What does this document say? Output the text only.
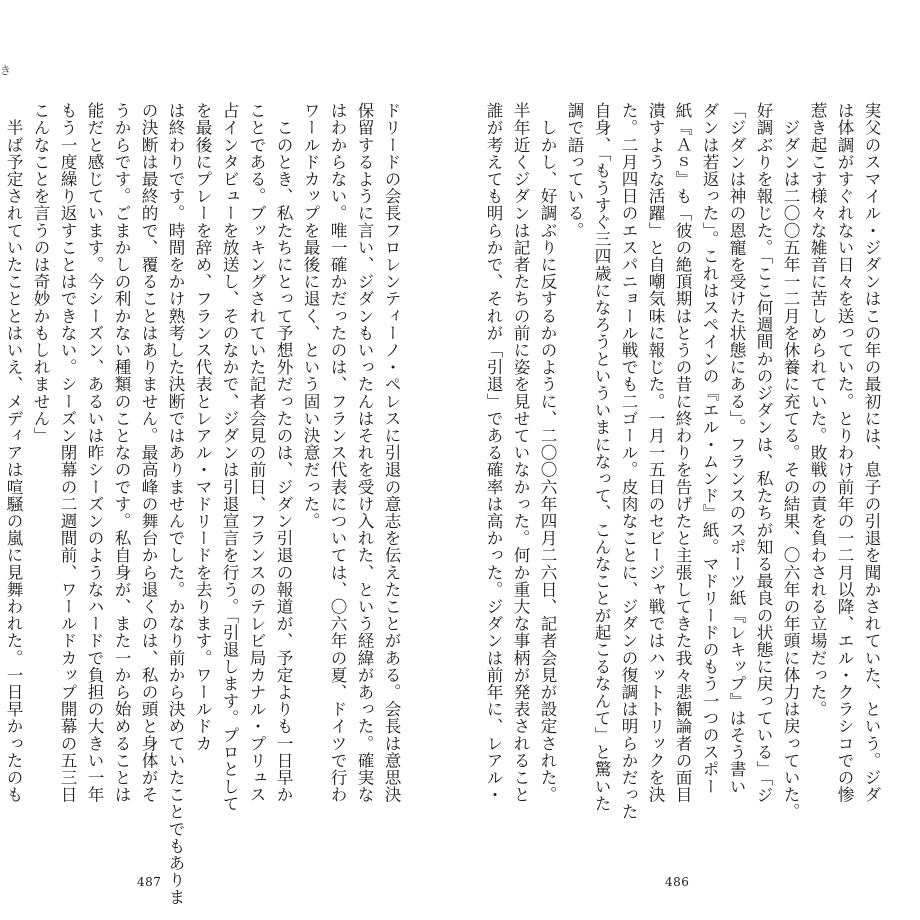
き

ドリードの会長フロレンティーノ・ペレスに引退の意志を伝えたことがある。会長は意思決

保留するように言い、ジダンもいったんはそれを受け入れた、という経緯があった。確実な

はわからない。唯一確かだったのは、フランス代表については、〇六年の夏、ドイツで行わ

ワールドカップを最後に退く、という固い決意だった。

　このとき、私たちにとって予想外だったのは、ジダン引退の報道が、予定よりも一日早か

ことである。ブッキングされていた記者会見の前日、フランスのテレビ局カナル・プリュス

占インタビューを放送し、そのなかで、ジダンは引退宣言を行う。「引退します。プロとして

を最後にプレーを辞め、フランス代表とレアル・マドリードを去ります。ワールドカ

は終わりです。時間をかけ熟考した決断ではありませんでした。かなり前から決めていたことでもありま

の決断は最終的で、覆ることはありません。最高峰の舞台から退くのは、私の頭と身体がそ

うからです。ごまかしの利かない種類のことなのです。私自身が、また一から始めることは

能だと感じています。今シーズン、あるいは昨シーズンのようなハードで負担の大きい一年

もう一度繰り返すことはできない。シーズン閉幕の二週間前、ワールドカップ開幕の五三日

こんなことを言うのは奇妙かもしれません」

　半ば予定されていたこととはいえ、メディアは喧騒の嵐に見舞われた。一日早かったのも

487

実父のスマイル・ジダンはこの年の最初には、息子の引退を聞かされていた、という。ジダ

は体調がすぐれない日々を送っていた。とりわけ前年の一二月以降、エル・クラシコでの惨

惹き起こす様々な雑音に苦しめられていた。敗戦の責を負わされる立場だった。

　ジダンは二〇〇五年一二月を休養に充てる。その結果、〇六年の年頭に体力は戻っていた。

好調ぶりを報じた。「ここ何週間かのジダンは、私たちが知る最良の状態に戻っている」「ジ

「ジダンは神の恩寵を受けた状態にある」。フランスのスポーツ紙『レキップ』はそう書い

ダンは若返った」。これはスペインの『エル・ムンド』紙。マドリードのもう一つのスポー

紙『Ａｓ』も「彼の絶頂期はとうの昔に終わりを告げたと主張してきた我々悲観論者の面目

潰すような活躍」と自嘲気味に報じた。一月一五日のセビージャ戦ではハットトリックを決

た。二月四日のエスパニョール戦でも二ゴール。皮肉なことに、ジダンの復調は明らかだった

自身、「もうすぐ三四歳になろうといういまになって、こんなことが起こるなんて」と驚いた

調で語っている。

　しかし、好調ぶりに反するかのように、二〇〇六年四月二六日、記者会見が設定された。

半年近くジダンは記者たちの前に姿を見せていなかった。何か重大な事柄が発表されること

誰が考えても明らかで、それが「引退」である確率は高かった。ジダンは前年に、レアル・

486
